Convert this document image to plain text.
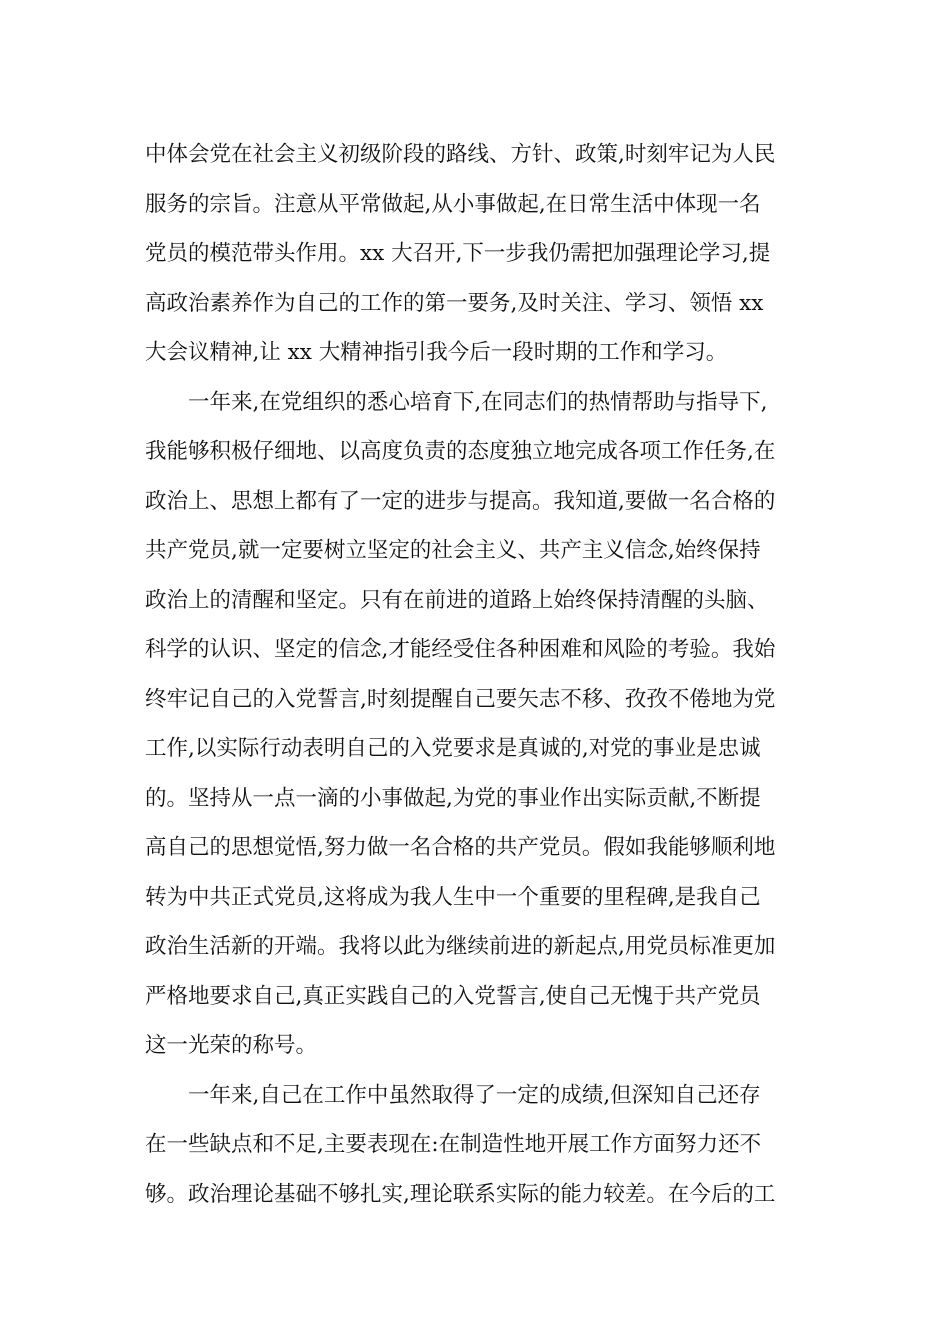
中体会党在社会主义初级阶段的路线、方针、政策,时刻牢记为人民
服务的宗旨。注意从平常做起,从小事做起,在日常生活中体现一名
党员的模范带头作用。xx 大召开,下一步我仍需把加强理论学习,提
高政治素养作为自己的工作的第一要务,及时关注、学习、领悟 xx
大会议精神,让 xx 大精神指引我今后一段时期的工作和学习。
一年来,在党组织的悉心培育下,在同志们的热情帮助与指导下,
我能够积极仔细地、以高度负责的态度独立地完成各项工作任务,在
政治上、思想上都有了一定的进步与提高。我知道,要做一名合格的
共产党员,就一定要树立坚定的社会主义、共产主义信念,始终保持
政治上的清醒和坚定。只有在前进的道路上始终保持清醒的头脑、
科学的认识、坚定的信念,才能经受住各种困难和风险的考验。我始
终牢记自己的入党誓言,时刻提醒自己要矢志不移、孜孜不倦地为党
工作,以实际行动表明自己的入党要求是真诚的,对党的事业是忠诚
的。坚持从一点一滴的小事做起,为党的事业作出实际贡献,不断提
高自己的思想觉悟,努力做一名合格的共产党员。假如我能够顺利地
转为中共正式党员,这将成为我人生中一个重要的里程碑,是我自己
政治生活新的开端。我将以此为继续前进的新起点,用党员标准更加
严格地要求自己,真正实践自己的入党誓言,使自己无愧于共产党员
这一光荣的称号。
一年来,自己在工作中虽然取得了一定的成绩,但深知自己还存
在一些缺点和不足,主要表现在:在制造性地开展工作方面努力还不
够。政治理论基础不够扎实,理论联系实际的能力较差。在今后的工
